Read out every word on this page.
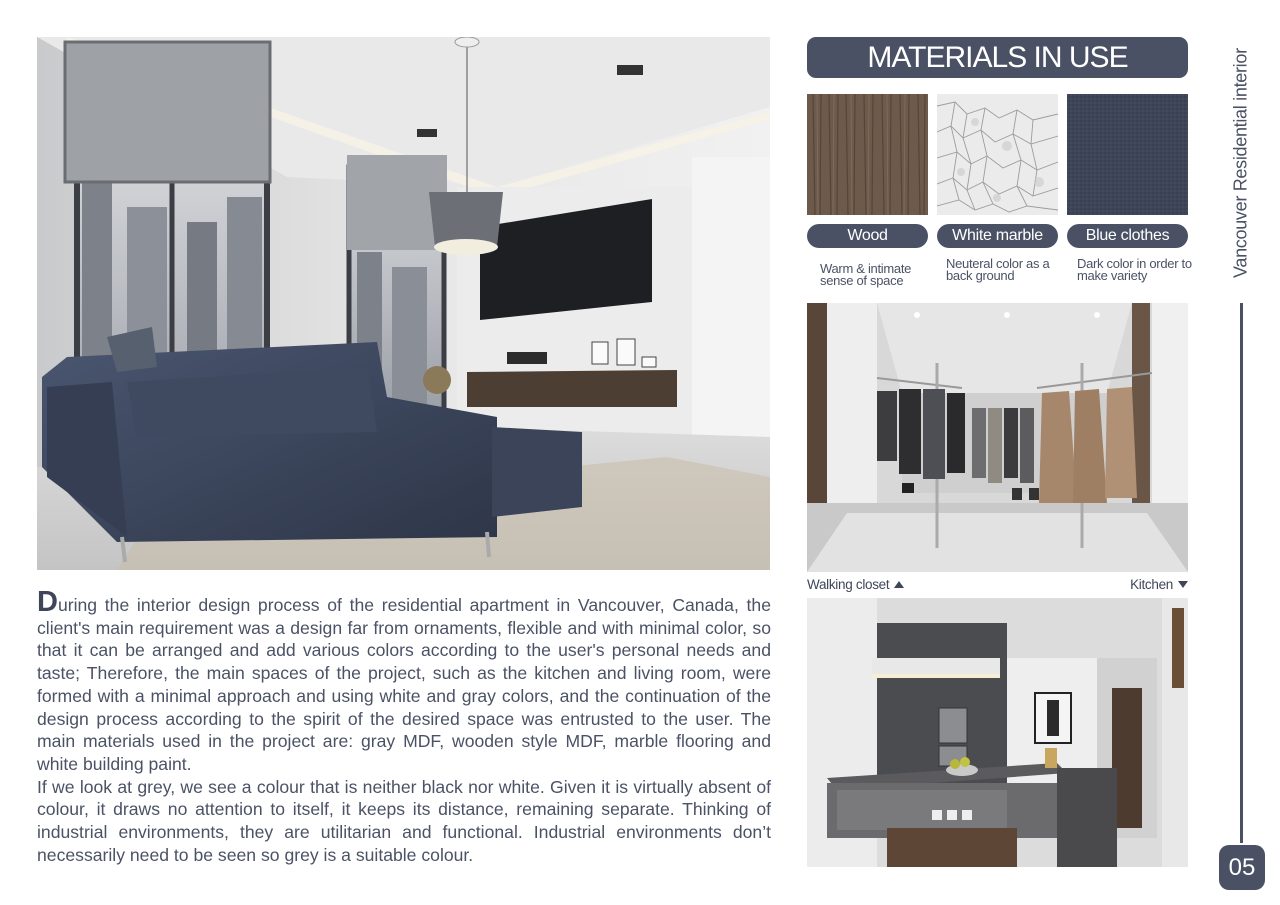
During the interior design process of the residential apartment in Vancouver, Canada, the client's main requirement was a design far from ornaments, flexible and with minimal color, so that it can be arranged and add various colors according to the user's personal needs and taste; Therefore, the main spaces of the project, such as the kitchen and living room, were formed with a minimal approach and using white and gray colors, and the continuation of the design process according to the spirit of the desired space was entrusted to the user. The main materials used in the project are: gray MDF, wooden style MDF, marble flooring and white building paint.

If we look at grey, we see a colour that is neither black nor white. Given it is virtually absent of colour, it draws no attention to itself, it keeps its distance, remaining separate. Thinking of industrial environments, they are utilitarian and functional. Industrial environments don’t necessarily need to be seen so grey is a suitable colour.

MATERIALS IN USE
Wood	White marble	Blue clothes
Warm & intimate sense of space
Neuteral color as a back ground
Dark color in order to make variety
Walking closet	Kitchen
Vancouver Residential interior
05
